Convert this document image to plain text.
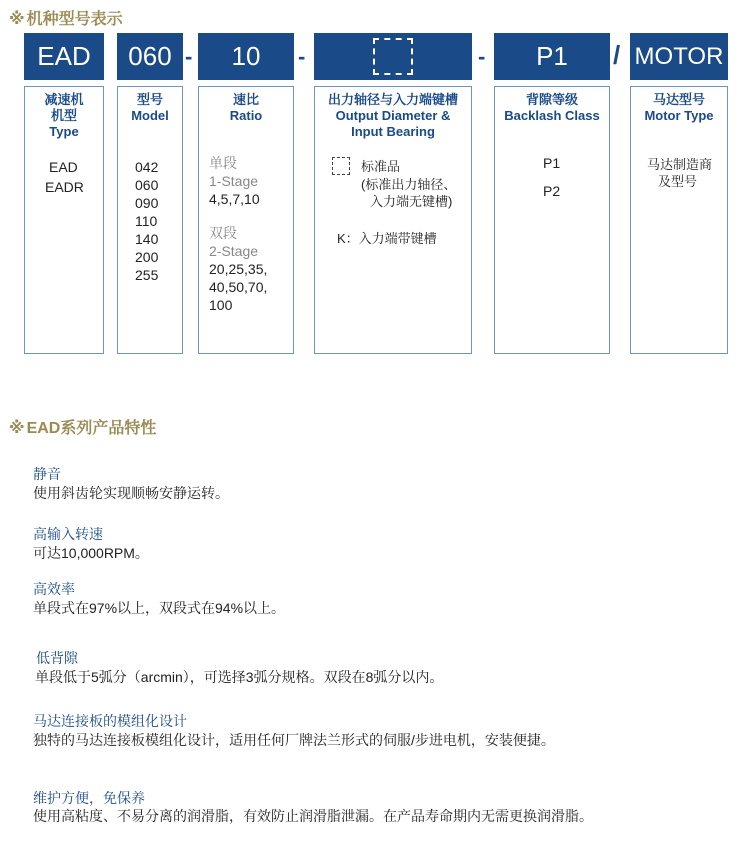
※ 机种型号表示
EAD	060 -	10	-	-	P1	/ MOTOR
减速机
机型
Type
EAD
EADR
型号
Model
042
060
090
110
140
200
255
速比
Ratio
单段
1-Stage
4,5,7,10
双段
2-Stage
20,25,35,
40,50,70,
100
出力轴径与入力端键槽
Output Diameter &
Input Bearing
标准品
(标准出力轴径、
入力端无键槽)
K：入力端带键槽
背隙等级
Backlash Class
P1
P2
马达型号
Motor Type
马达制造商
及型号
※ EAD系列产品特性
静音
使用斜齿轮实现顺畅安静运转。
高输入转速
可达10,000RPM。
高效率
单段式在97%以上，双段式在94%以上。
低背隙
单段低于5弧分（arcmin），可选择3弧分规格。双段在8弧分以内。
马达连接板的模组化设计
独特的马达连接板模组化设计，适用任何厂牌法兰形式的伺服/步进电机，安装便捷。
维护方便，免保养
使用高粘度、不易分离的润滑脂，有效防止润滑脂泄漏。在产品寿命期内无需更换润滑脂。
